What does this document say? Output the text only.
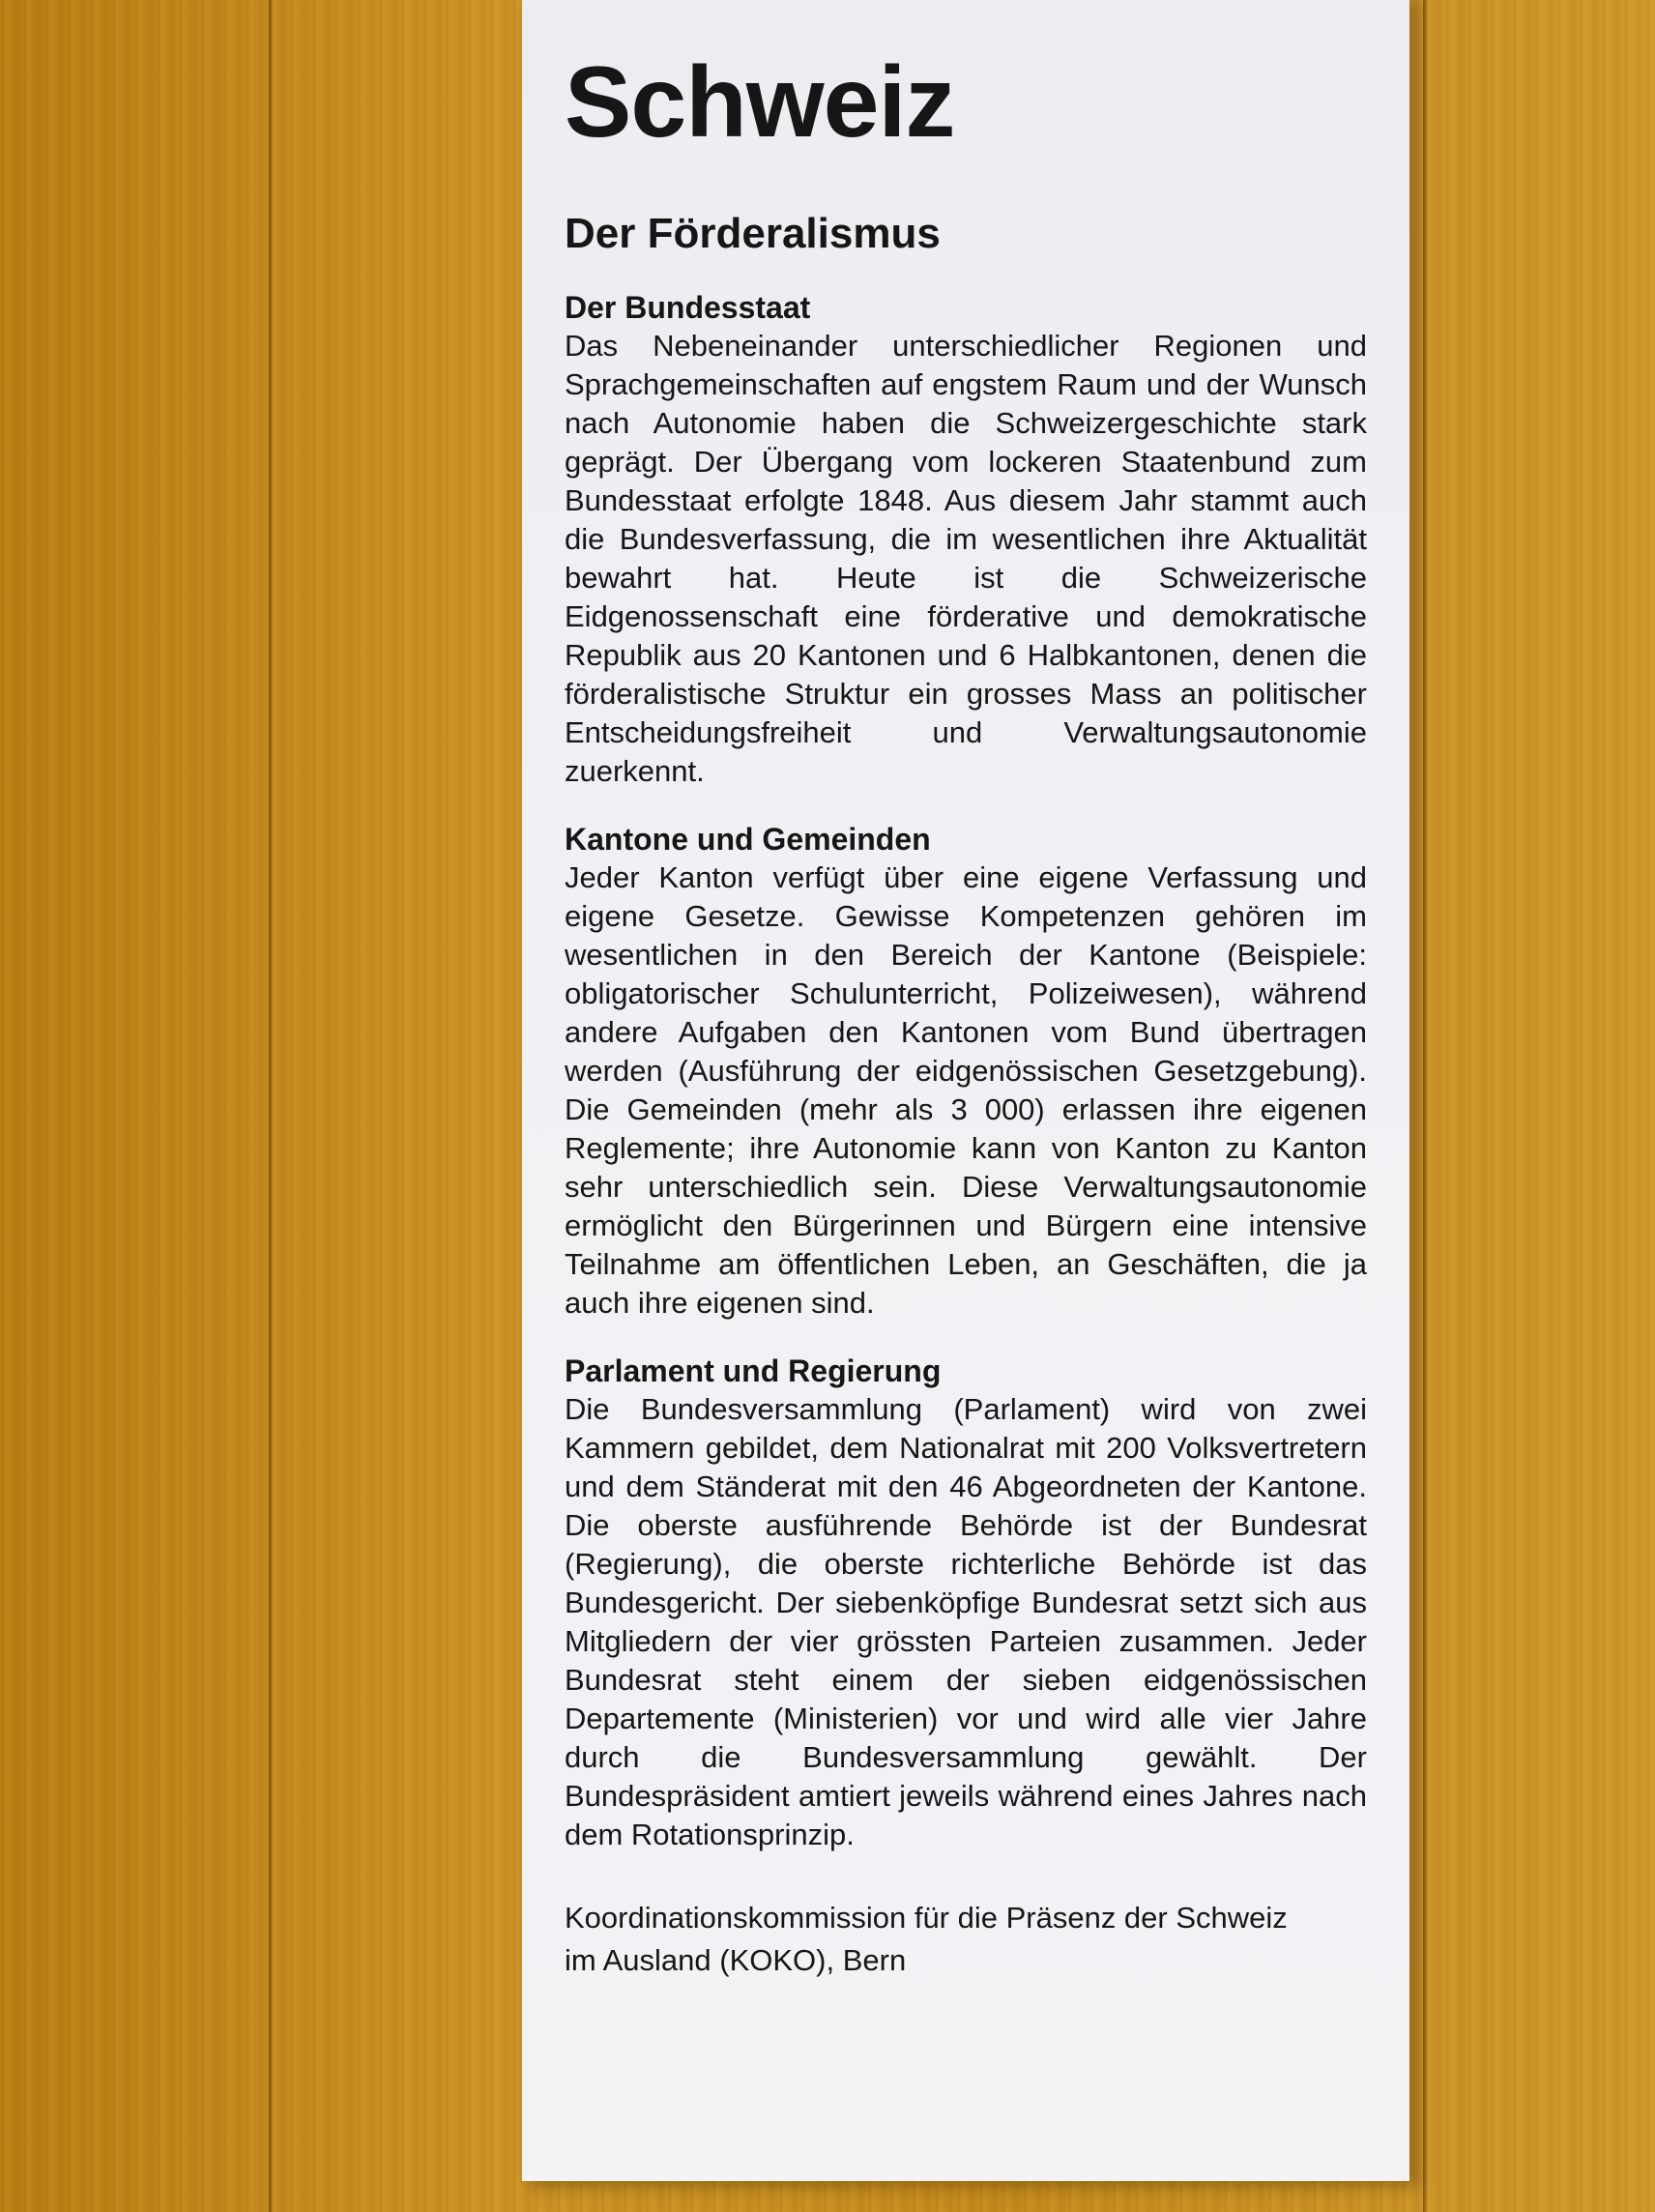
Schweiz
Der Förderalismus
Der Bundesstaat
Das Nebeneinander unterschiedlicher Regionen und Sprachgemeinschaften auf engstem Raum und der Wunsch nach Autonomie haben die Schweizergeschichte stark geprägt. Der Übergang vom lockeren Staatenbund zum Bundesstaat erfolgte 1848. Aus diesem Jahr stammt auch die Bundesverfassung, die im wesentlichen ihre Aktualität bewahrt hat. Heute ist die Schweizerische Eidgenossenschaft eine förderative und demokratische Republik aus 20 Kantonen und 6 Halbkantonen, denen die förderalistische Struktur ein grosses Mass an politischer Entscheidungsfreiheit und Verwaltungsautonomie zuerkennt.
Kantone und Gemeinden
Jeder Kanton verfügt über eine eigene Verfassung und eigene Gesetze. Gewisse Kompetenzen gehören im wesentlichen in den Bereich der Kantone (Beispiele: obligatorischer Schulunterricht, Polizeiwesen), während andere Aufgaben den Kantonen vom Bund übertragen werden (Ausführung der eidgenössischen Gesetzgebung). Die Gemeinden (mehr als 3 000) erlassen ihre eigenen Reglemente; ihre Autonomie kann von Kanton zu Kanton sehr unterschiedlich sein. Diese Verwaltungsautonomie ermöglicht den Bürgerinnen und Bürgern eine intensive Teilnahme am öffentlichen Leben, an Geschäften, die ja auch ihre eigenen sind.
Parlament und Regierung
Die Bundesversammlung (Parlament) wird von zwei Kammern gebildet, dem Nationalrat mit 200 Volksvertretern und dem Ständerat mit den 46 Abgeordneten der Kantone. Die oberste ausführende Behörde ist der Bundesrat (Regierung), die oberste richterliche Behörde ist das Bundesgericht. Der siebenköpfige Bundesrat setzt sich aus Mitgliedern der vier grössten Parteien zusammen. Jeder Bundesrat steht einem der sieben eidgenössischen Departemente (Ministerien) vor und wird alle vier Jahre durch die Bundesversammlung gewählt. Der Bundespräsident amtiert jeweils während eines Jahres nach dem Rotationsprinzip.
Koordinationskommission für die Präsenz der Schweiz
im Ausland (KOKO), Bern
